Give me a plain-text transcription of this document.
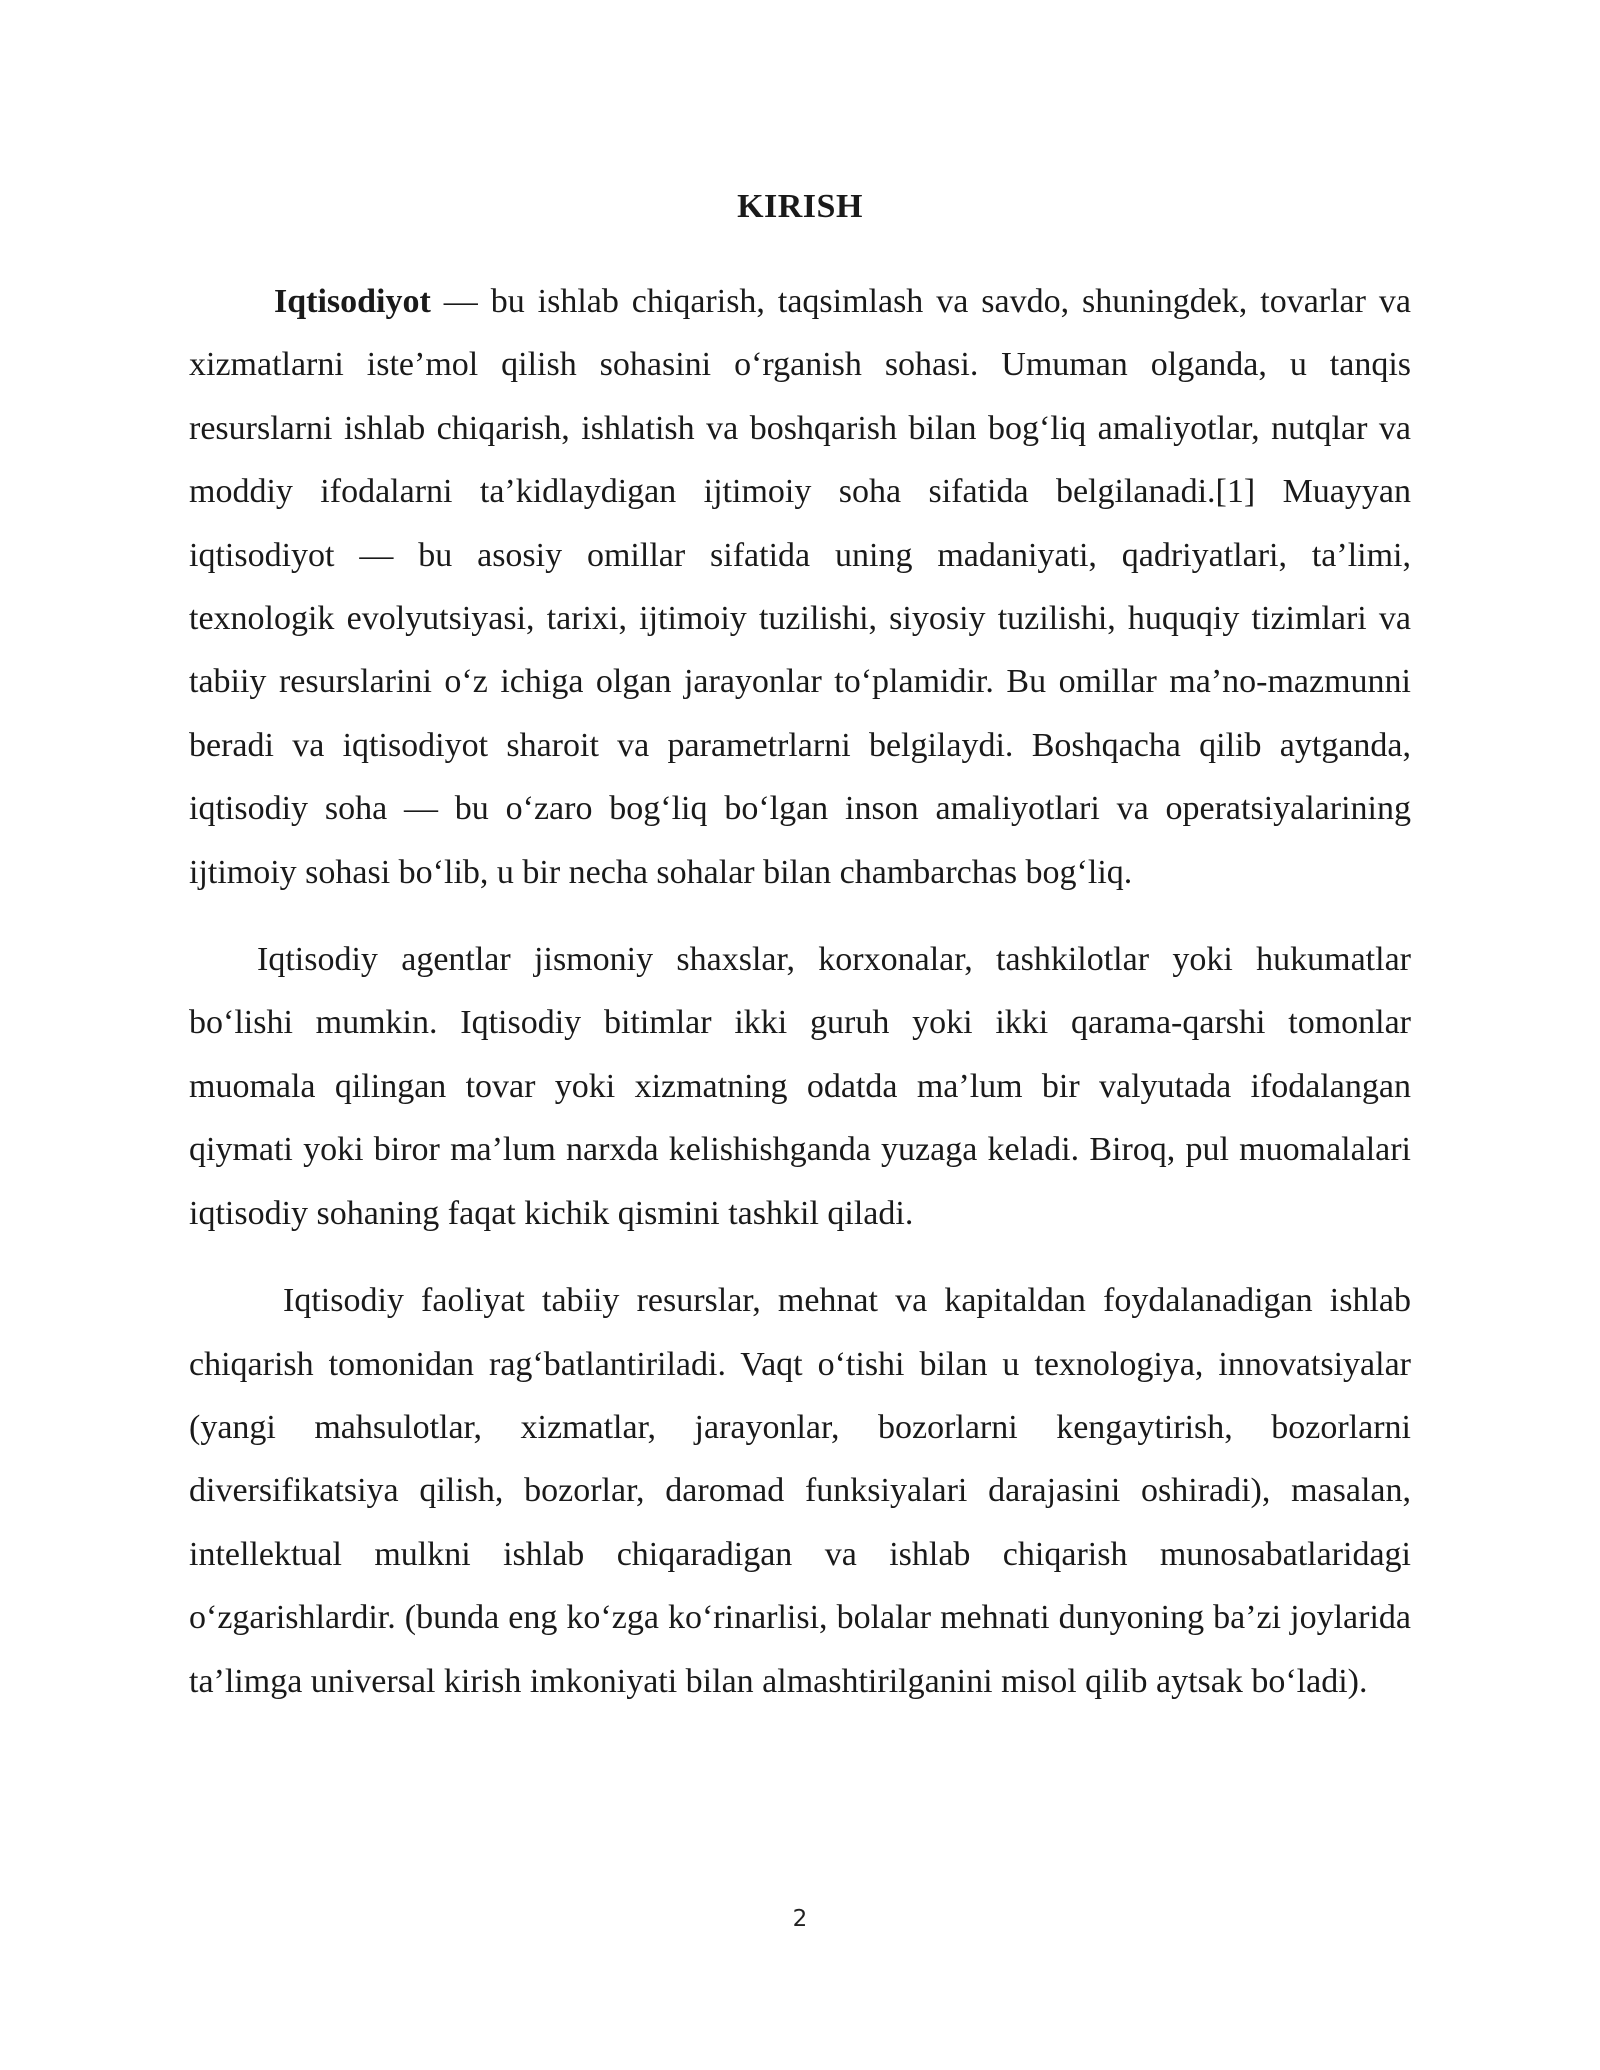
KIRISH

Iqtisodiyot — bu ishlab chiqarish, taqsimlash va savdo, shuningdek, tovarlar va xizmatlarni iste’mol qilish sohasini o‘rganish sohasi. Umuman olganda, u tanqis resurslarni ishlab chiqarish, ishlatish va boshqarish bilan bog‘liq amaliyotlar, nutqlar va moddiy ifodalarni ta’kidlaydigan ijtimoiy soha sifatida belgilanadi.[1] Muayyan iqtisodiyot — bu asosiy omillar sifatida uning madaniyati, qadriyatlari, ta’limi, texnologik evolyutsiyasi, tarixi, ijtimoiy tuzilishi, siyosiy tuzilishi, huquqiy tizimlari va tabiiy resurslarini o‘z ichiga olgan jarayonlar to‘plamidir. Bu omillar ma’no-mazmunni beradi va iqtisodiyot sharoit va parametrlarni belgilaydi. Boshqacha qilib aytganda, iqtisodiy soha — bu o‘zaro bog‘liq bo‘lgan inson amaliyotlari va operatsiyalarining ijtimoiy sohasi bo‘lib, u bir necha sohalar bilan chambarchas bog‘liq.

Iqtisodiy agentlar jismoniy shaxslar, korxonalar, tashkilotlar yoki hukumatlar bo‘lishi mumkin. Iqtisodiy bitimlar ikki guruh yoki ikki qarama-qarshi tomonlar muomala qilingan tovar yoki xizmatning odatda ma’lum bir valyutada ifodalangan qiymati yoki biror ma’lum narxda kelishishganda yuzaga keladi. Biroq, pul muomalalari iqtisodiy sohaning faqat kichik qismini tashkil qiladi.

Iqtisodiy faoliyat tabiiy resurslar, mehnat va kapitaldan foydalanadigan ishlab chiqarish tomonidan rag‘batlantiriladi. Vaqt o‘tishi bilan u texnologiya, innovatsiyalar (yangi mahsulotlar, xizmatlar, jarayonlar, bozorlarni kengaytirish, bozorlarni diversifikatsiya qilish, bozorlar, daromad funksiyalari darajasini oshiradi), masalan, intellektual mulkni ishlab chiqaradigan va ishlab chiqarish munosabatlaridagi o‘zgarishlardir. (bunda eng ko‘zga ko‘rinarlisi, bolalar mehnati dunyoning ba’zi joylarida ta’limga universal kirish imkoniyati bilan almashtirilganini misol qilib aytsak bo‘ladi).

2
